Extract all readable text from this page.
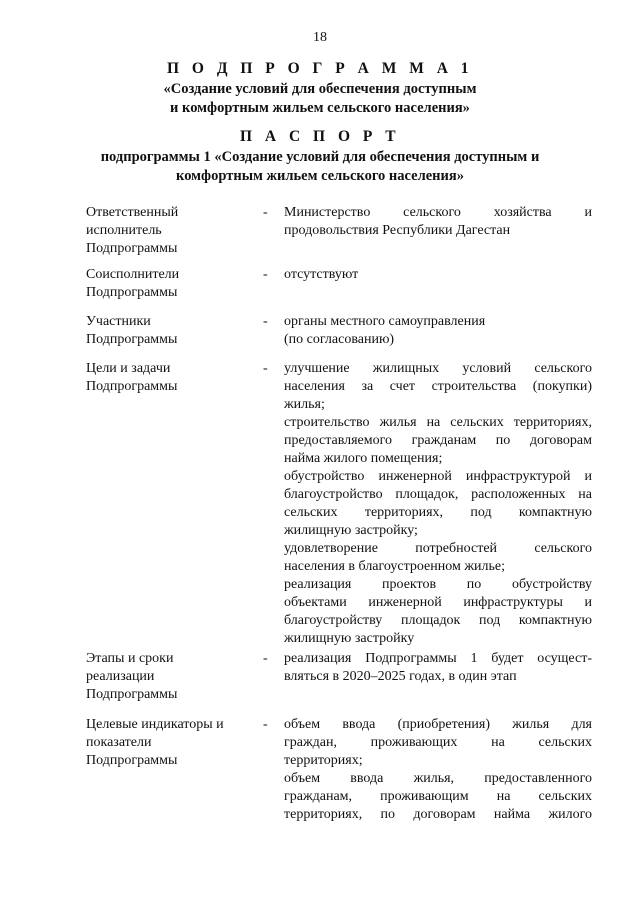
18
П О Д П Р О Г Р А М М А 1
«Создание условий для обеспечения доступным
и комфортным жильем сельского населения»
П А С П О Р Т
подпрограммы 1 «Создание условий для обеспечения доступным и
комфортным жильем сельского населения»
Ответственный
исполнитель
Подпрограммы
- Министерство сельского хозяйства и
продовольствия Республики Дагестан
Соисполнители
Подпрограммы
- отсутствуют
Участники
Подпрограммы
- органы местного самоуправления
(по согласованию)
Цели и задачи
Подпрограммы
- улучшение жилищных условий сельского
населения за счет строительства (покупки)
жилья;
строительство жилья на сельских территориях,
предоставляемого гражданам по договорам
найма жилого помещения;
обустройство инженерной инфраструктурой и
благоустройство площадок, расположенных на
сельских территориях, под компактную
жилищную застройку;
удовлетворение потребностей сельского
населения в благоустроенном жилье;
реализация проектов по обустройству
объектами инженерной инфраструктуры и
благоустройству площадок под компактную
жилищную застройку
Этапы и сроки
реализации
Подпрограммы
- реализация Подпрограммы 1 будет осущест-
вляться в 2020–2025 годах, в один этап
Целевые индикаторы и
показатели
Подпрограммы
- объем ввода (приобретения) жилья для
граждан, проживающих на сельских
территориях;
объем ввода жилья, предоставленного
гражданам, проживающим на сельских
территориях, по договорам найма жилого
